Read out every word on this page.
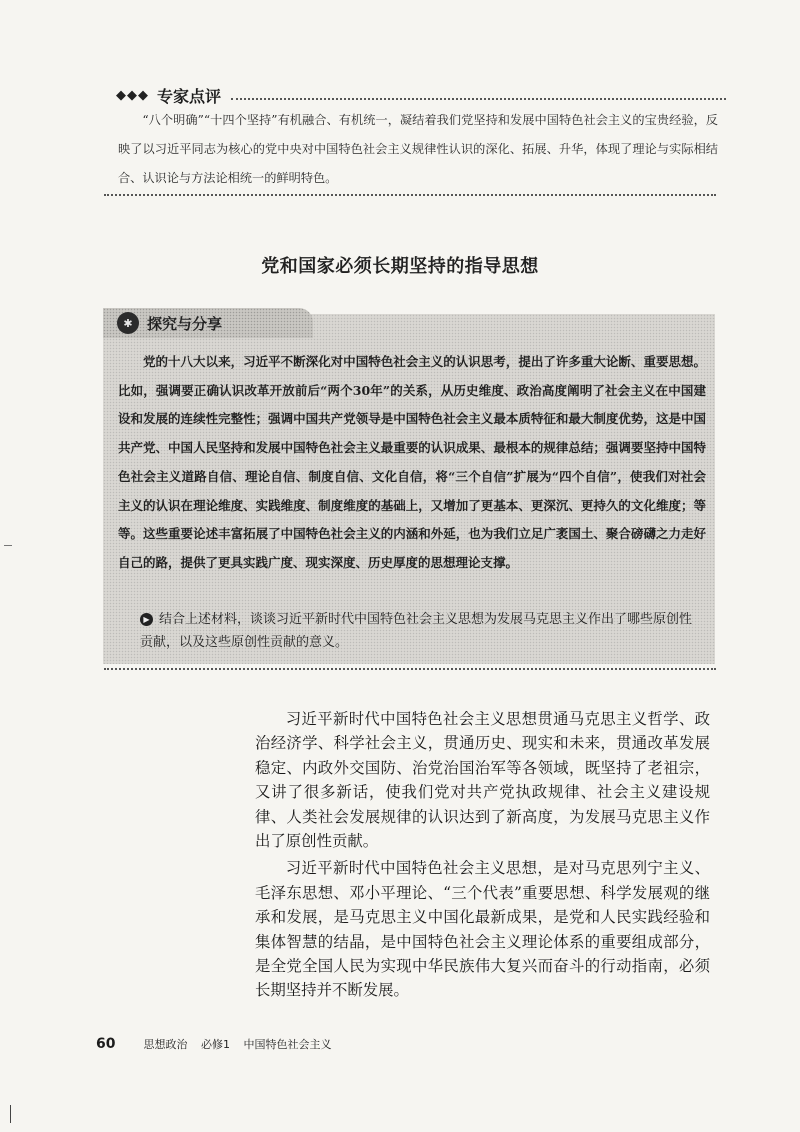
◆◆◆ 专家点评
“八个明确”“十四个坚持”有机融合、有机统一，凝结着我们党坚持和发展中国特色社会主义的宝贵经验，反映了以习近平同志为核心的党中央对中国特色社会主义规律性认识的深化、拓展、升华，体现了理论与实际相结合、认识论与方法论相统一的鲜明特色。
党和国家必须长期坚持的指导思想
✱ 探究与分享
党的十八大以来，习近平不断深化对中国特色社会主义的认识思考，提出了许多重大论断、重要思想。比如，强调要正确认识改革开放前后“两个30年”的关系，从历史维度、政治高度阐明了社会主义在中国建设和发展的连续性完整性；强调中国共产党领导是中国特色社会主义最本质特征和最大制度优势，这是中国共产党、中国人民坚持和发展中国特色社会主义最重要的认识成果、最根本的规律总结；强调要坚持中国特色社会主义道路自信、理论自信、制度自信、文化自信，将“三个自信”扩展为“四个自信”，使我们对社会主义的认识在理论维度、实践维度、制度维度的基础上，又增加了更基本、更深沉、更持久的文化维度；等等。这些重要论述丰富拓展了中国特色社会主义的内涵和外延，也为我们立足广袤国土、聚合磅礴之力走好自己的路，提供了更具实践广度、现实深度、历史厚度的思想理论支撑。
▶ 结合上述材料，谈谈习近平新时代中国特色社会主义思想为发展马克思主义作出了哪些原创性贡献，以及这些原创性贡献的意义。

习近平新时代中国特色社会主义思想贯通马克思主义哲学、政治经济学、科学社会主义，贯通历史、现实和未来，贯通改革发展稳定、内政外交国防、治党治国治军等各领域，既坚持了老祖宗，又讲了很多新话，使我们党对共产党执政规律、社会主义建设规律、人类社会发展规律的认识达到了新高度，为发展马克思主义作出了原创性贡献。

习近平新时代中国特色社会主义思想，是对马克思列宁主义、毛泽东思想、邓小平理论、“三个代表”重要思想、科学发展观的继承和发展，是马克思主义中国化最新成果，是党和人民实践经验和集体智慧的结晶，是中国特色社会主义理论体系的重要组成部分，是全党全国人民为实现中华民族伟大复兴而奋斗的行动指南，必须长期坚持并不断发展。

60	思想政治 必修1 中国特色社会主义
